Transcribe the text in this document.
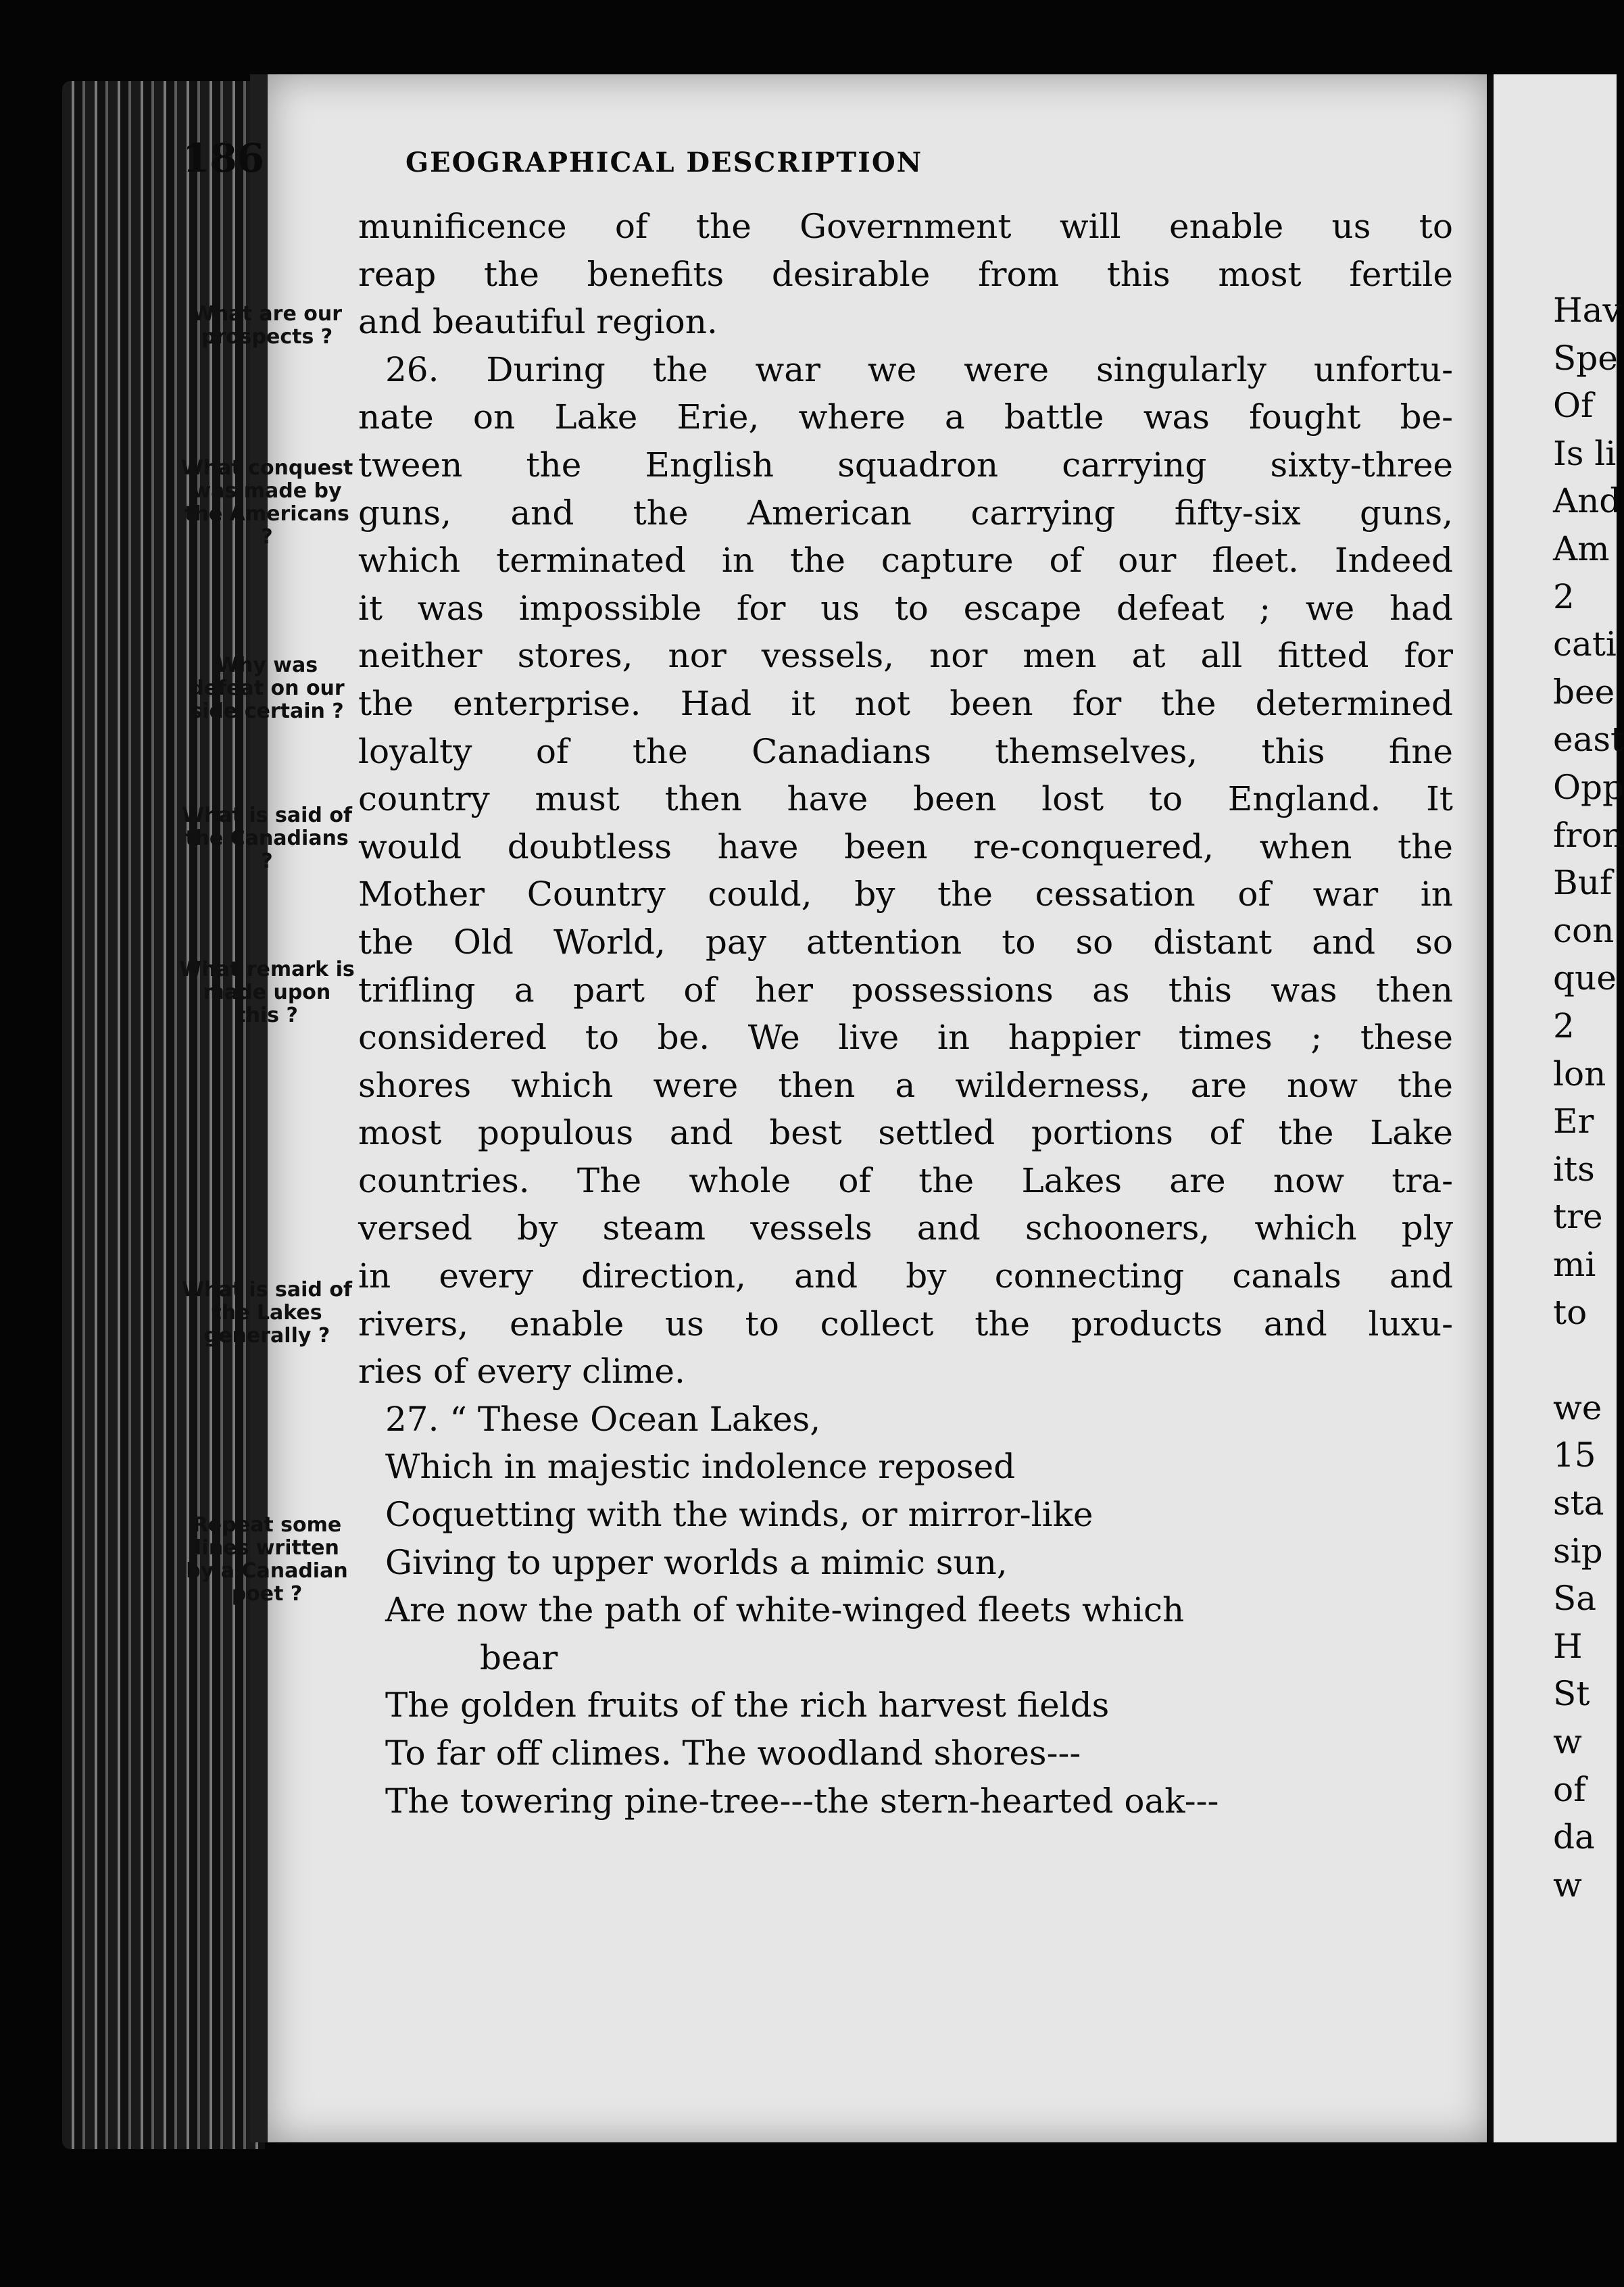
186	GEOGRAPHICAL DESCRIPTION
What are our prospects ?
What conquest was made by the Americans ?
Why was defeat on our side certain ?
What is said of the Canadians ?
What remark is made upon this ?
What is said of the Lakes generally ?
Repeat some lines written by a Canadian poet ?
munificence of the Government will enable us to
reap the benefits desirable from this most fertile
and beautiful region.
26. During the war we were singularly unfortu-
nate on Lake Erie, where a battle was fought be-
tween the English squadron carrying sixty-three
guns, and the American carrying fifty-six guns,
which terminated in the capture of our fleet. Indeed
it was impossible for us to escape defeat ; we had
neither stores, nor vessels, nor men at all fitted for
the enterprise. Had it not been for the determined
loyalty of the Canadians themselves, this fine
country must then have been lost to England. It
would doubtless have been re-conquered, when the
Mother Country could, by the cessation of war in
the Old World, pay attention to so distant and so
trifling a part of her possessions as this was then
considered to be. We live in happier times ; these
shores which were then a wilderness, are now the
most populous and best settled portions of the Lake
countries. The whole of the Lakes are now tra-
versed by steam vessels and schooners, which ply
in every direction, and by connecting canals and
rivers, enable us to collect the products and luxu-
ries of every clime.
27. “ These Ocean Lakes,
Which in majestic indolence reposed
Coquetting with the winds, or mirror-like
Giving to upper worlds a mimic sun,
Are now the path of white-winged fleets which
bear
The golden fruits of the rich harvest fields
To far off climes. The woodland shores---
The towering pine-tree---the stern-hearted oak---
Hav
Spe
Of
Is li
And
Am
2
cati
bee
east
Opp
fron
Buf
con
que
2
lon
Er
its
tre
mi
to
we
15
sta
sip
Sa
H
St
w
of
da
w
